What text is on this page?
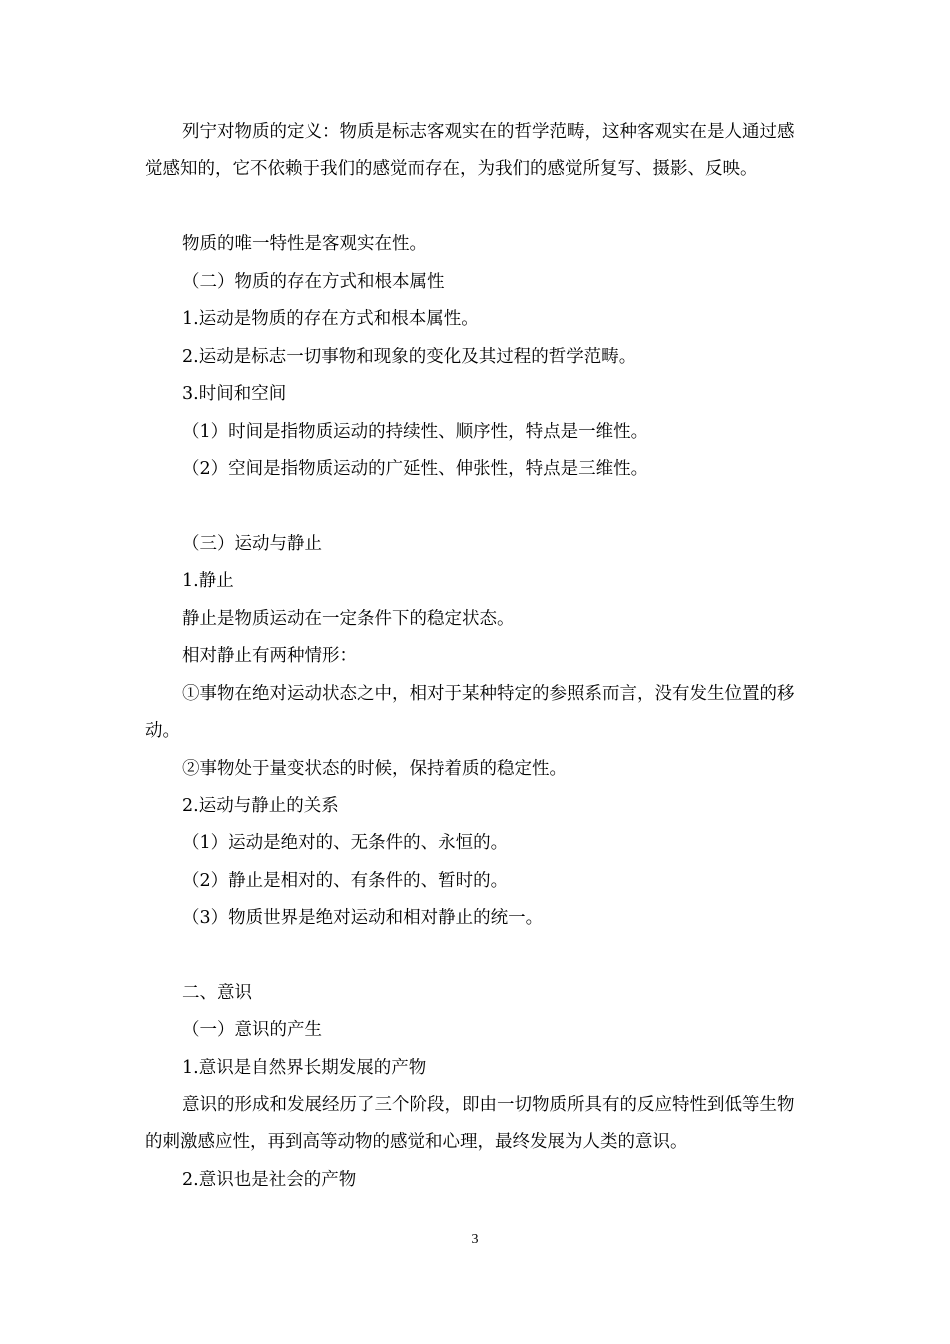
列宁对物质的定义：物质是标志客观实在的哲学范畴，这种客观实在是人通过感觉感知的，它不依赖于我们的感觉而存在，为我们的感觉所复写、摄影、反映。

物质的唯一特性是客观实在性。

（二）物质的存在方式和根本属性

1.运动是物质的存在方式和根本属性。

2.运动是标志一切事物和现象的变化及其过程的哲学范畴。

3.时间和空间

（1）时间是指物质运动的持续性、顺序性，特点是一维性。

（2）空间是指物质运动的广延性、伸张性，特点是三维性。

（三）运动与静止

1.静止

静止是物质运动在一定条件下的稳定状态。

相对静止有两种情形：

①事物在绝对运动状态之中，相对于某种特定的参照系而言，没有发生位置的移动。

②事物处于量变状态的时候，保持着质的稳定性。

2.运动与静止的关系

（1）运动是绝对的、无条件的、永恒的。

（2）静止是相对的、有条件的、暂时的。

（3）物质世界是绝对运动和相对静止的统一。

二、意识

（一）意识的产生

1.意识是自然界长期发展的产物

意识的形成和发展经历了三个阶段，即由一切物质所具有的反应特性到低等生物的刺激感应性，再到高等动物的感觉和心理，最终发展为人类的意识。

2.意识也是社会的产物

3
